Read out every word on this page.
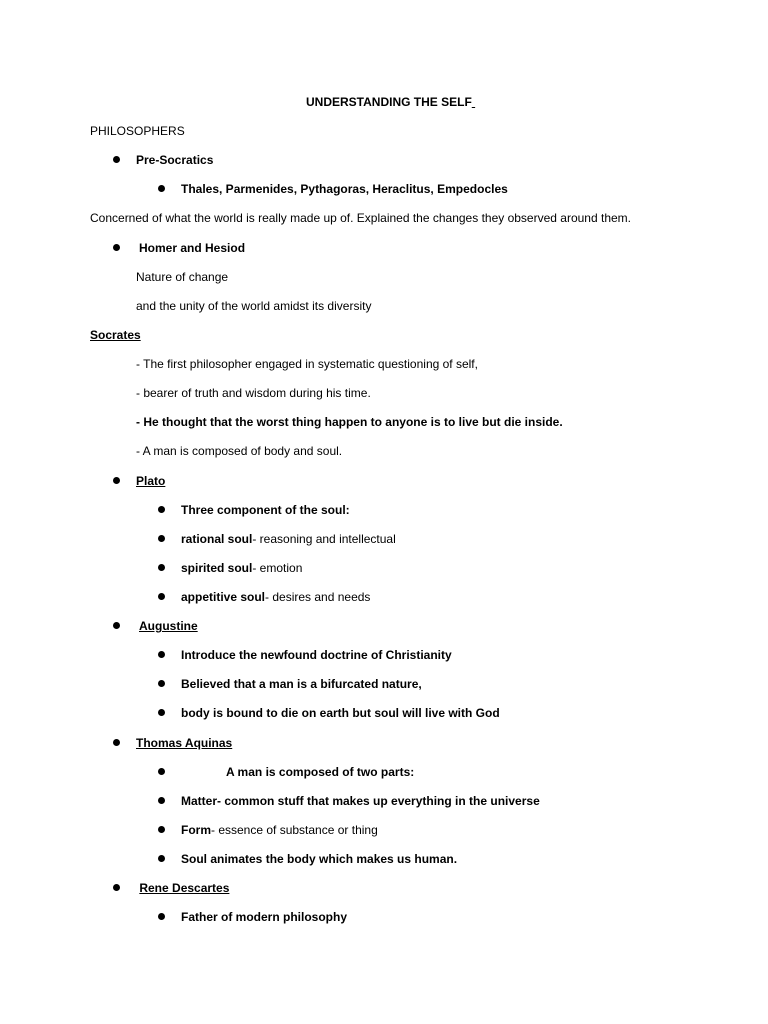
UNDERSTANDING THE SELF
PHILOSOPHERS
Pre-Socratics
Thales, Parmenides, Pythagoras, Heraclitus, Empedocles
Concerned of what the world is really made up of. Explained the changes they observed around them.
Homer and Hesiod
Nature of change
and the unity of the world amidst its diversity
Socrates
- The first philosopher engaged in systematic questioning of self,
- bearer of truth and wisdom during his time.
- He thought that the worst thing happen to anyone is to live but die inside.
- A man is composed of body and soul.
Plato
Three component of the soul:
rational soul- reasoning and intellectual
spirited soul- emotion
appetitive soul- desires and needs
Augustine
Introduce the newfound doctrine of Christianity
Believed that a man is a bifurcated nature,
body is bound to die on earth but soul will live with God
Thomas Aquinas
A man is composed of two parts:
Matter- common stuff that makes up everything in the universe
Form- essence of substance or thing
Soul animates the body which makes us human.
Rene Descartes
Father of modern philosophy
